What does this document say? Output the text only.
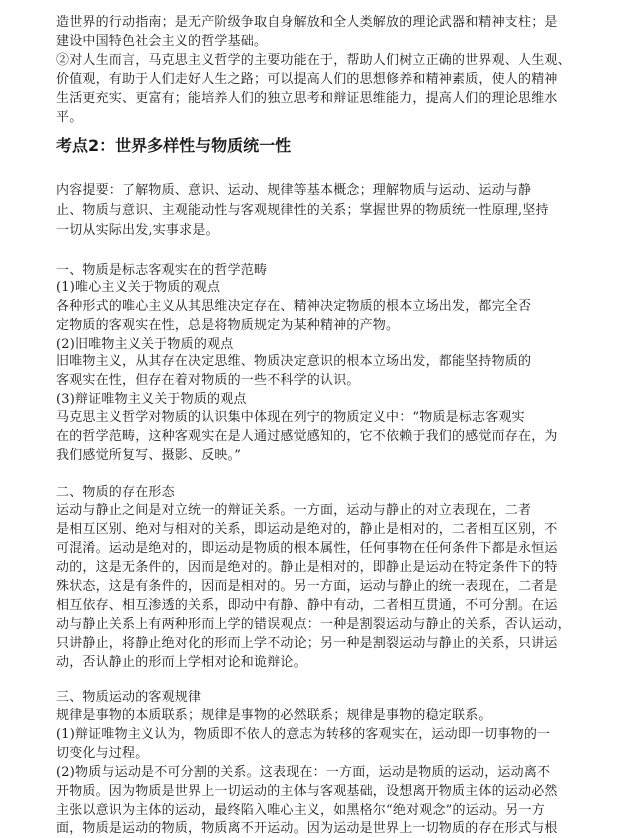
造世界的行动指南；是无产阶级争取自身解放和全人类解放的理论武器和精神支柱；是
建设中国特色社会主义的哲学基础。
②对人生而言，马克思主义哲学的主要功能在于，帮助人们树立正确的世界观、人生观、
价值观，有助于人们走好人生之路；可以提高人们的思想修养和精神素质，使人的精神
生活更充实、更富有；能培养人们的独立思考和辩证思维能力，提高人们的理论思维水
平。
考点2：世界多样性与物质统一性
内容提要：了解物质、意识、运动、规律等基本概念；理解物质与运动、运动与静
止、物质与意识、主观能动性与客观规律性的关系；掌握世界的物质统一性原理,坚持
一切从实际出发,实事求是。
一、物质是标志客观实在的哲学范畴
(1)唯心主义关于物质的观点
各种形式的唯心主义从其思维决定存在、精神决定物质的根本立场出发，都完全否
定物质的客观实在性，总是将物质规定为某种精神的产物。
(2)旧唯物主义关于物质的观点
旧唯物主义，从其存在决定思维、物质决定意识的根本立场出发，都能坚持物质的
客观实在性，但存在着对物质的一些不科学的认识。
(3)辩证唯物主义关于物质的观点
马克思主义哲学对物质的认识集中体现在列宁的物质定义中：“物质是标志客观实
在的哲学范畴，这种客观实在是人通过感觉感知的，它不依赖于我们的感觉而存在，为
我们感觉所复写、摄影、反映。”
二、物质的存在形态
运动与静止之间是对立统一的辩证关系。一方面，运动与静止的对立表现在，二者
是相互区别、绝对与相对的关系，即运动是绝对的，静止是相对的，二者相互区别，不
可混淆。运动是绝对的，即运动是物质的根本属性，任何事物在任何条件下都是永恒运
动的，这是无条件的，因而是绝对的。静止是相对的，即静止是运动在特定条件下的特
殊状态，这是有条件的，因而是相对的。另一方面，运动与静止的统一表现在，二者是
相互依存、相互渗透的关系，即动中有静、静中有动，二者相互贯通，不可分割。在运
动与静止关系上有两种形而上学的错误观点：一种是割裂运动与静止的关系，否认运动，
只讲静止，将静止绝对化的形而上学不动论；另一种是割裂运动与静止的关系，只讲运
动，否认静止的形而上学相对论和诡辩论。
三、物质运动的客观规律
规律是事物的本质联系；规律是事物的必然联系；规律是事物的稳定联系。
(1)辩证唯物主义认为，物质即不依人的意志为转移的客观实在，运动即一切事物的一
切变化与过程。
(2)物质与运动是不可分割的关系。这表现在：一方面，运动是物质的运动，运动离不
开物质。因为物质是世界上一切运动的主体与客观基础，设想离开物质主体的运动必然
主张以意识为主体的运动，最终陷入唯心主义，如黑格尔“绝对观念”的运动。另一方
面，物质是运动的物质，物质离不开运动。因为运动是世界上一切物质的存在形式与根
